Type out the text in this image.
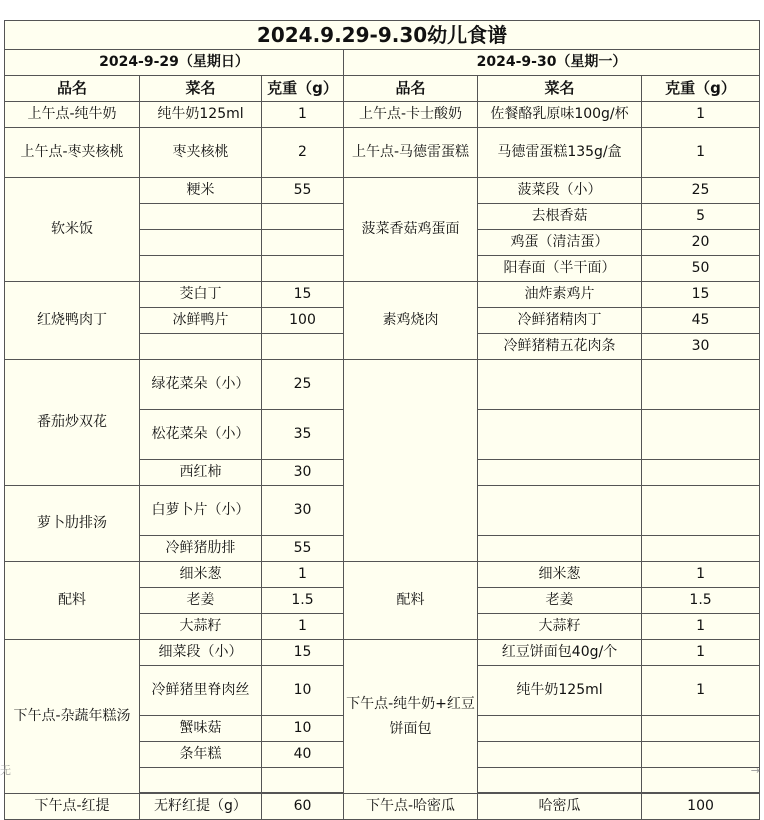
2024.9.29-9.30幼儿食谱					
2024-9-29（星期日）			2024-9-30（星期一）		
品名	菜名	克重（g）	品名	菜名	克重（g）
上午点-纯牛奶	纯牛奶125ml	1	上午点-卡士酸奶	佐餐酪乳原味100g/杯	1
上午点-枣夹核桃	枣夹核桃	2	上午点-马德雷蛋糕	马德雷蛋糕135g/盒	1
软米饭	粳米	55	菠菜香菇鸡蛋面	菠菜段（小）	25
				去根香菇	5
				鸡蛋（清洁蛋）	20
				阳春面（半干面）	50
红烧鸭肉丁	茭白丁	15	素鸡烧肉	油炸素鸡片	15
	冰鲜鸭片	100		冷鲜猪精肉丁	45
				冷鲜猪精五花肉条	30
番茄炒双花	绿花菜朵（小）	25			
	松花菜朵（小）	35			
	西红柿	30			
萝卜肋排汤	白萝卜片（小）	30			
	冷鲜猪肋排	55			
配料	细米葱	1	配料	细米葱	1
	老姜	1.5		老姜	1.5
	大蒜籽	1		大蒜籽	1
下午点-杂蔬年糕汤	细菜段（小）	15	下午点-纯牛奶+红豆饼面包	红豆饼面包40g/个	1
	冷鲜猪里脊肉丝	10		纯牛奶125ml	1
	蟹味菇	10			
	条年糕	40			

下午点-红提	无籽红提（g）	60	下午点-哈密瓜	哈密瓜	100
无	→
